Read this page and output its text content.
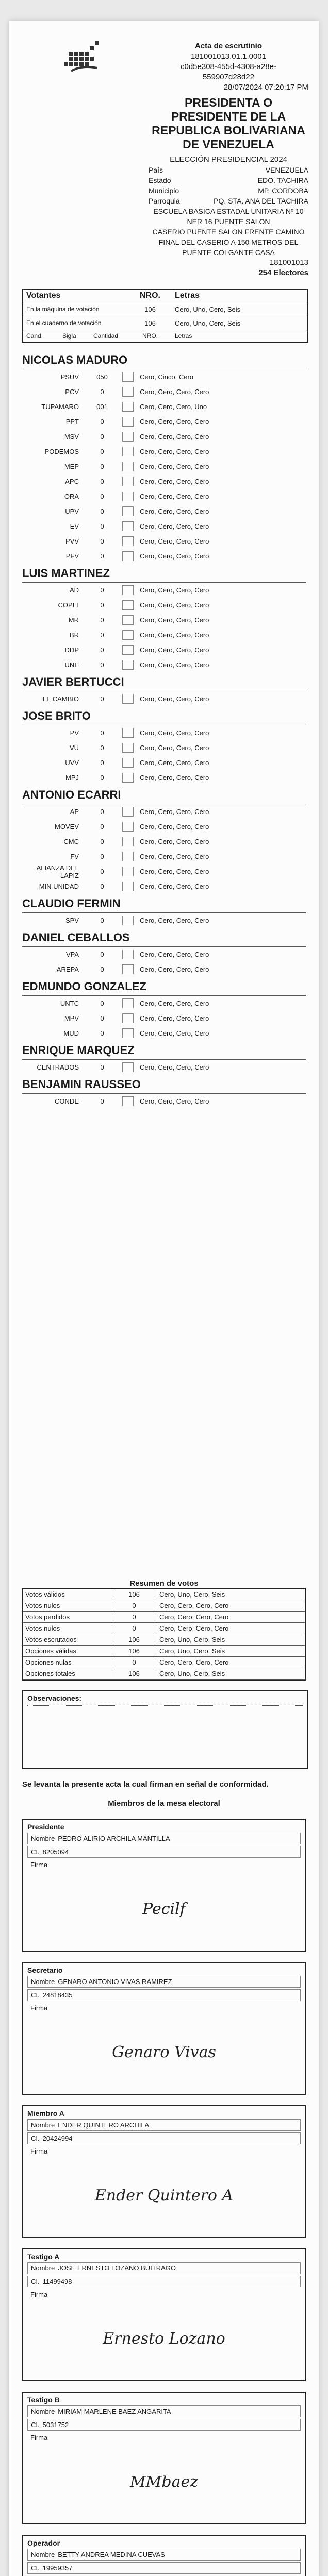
Acta de escrutinio
181001013.01.1.0001
c0d5e308-455d-4308-a28e-
559907d28d22
28/07/2024 07:20:17 PM
PRESIDENTA O PRESIDENTE DE LA REPUBLICA BOLIVARIANA DE VENEZUELA
ELECCIÓN PRESIDENCIAL 2024
País	VENEZUELA
Estado	EDO. TACHIRA
Municipio	MP. CORDOBA
Parroquia	PQ. STA. ANA DEL TACHIRA
ESCUELA BASICA ESTADAL UNITARIA Nº 10 NER 16 PUENTE SALON
CASERIO PUENTE SALON FRENTE CAMINO FINAL DEL CASERIO A 150 METROS DEL PUENTE COLGANTE CASA
181001013
254 Electores
Votantes	NRO.	Letras
En la máquina de votación	106	Cero, Uno, Cero, Seis
En el cuaderno de votación	106	Cero, Uno, Cero, Seis
Cand.	Sigla	Cantidad	NRO.	Letras
NICOLAS MADURO
PSUV	050	Cero, Cinco, Cero
PCV	0	Cero, Cero, Cero, Cero
TUPAMARO	001	Cero, Cero, Cero, Uno
PPT	0	Cero, Cero, Cero, Cero
MSV	0	Cero, Cero, Cero, Cero
PODEMOS	0	Cero, Cero, Cero, Cero
MEP	0	Cero, Cero, Cero, Cero
APC	0	Cero, Cero, Cero, Cero
ORA	0	Cero, Cero, Cero, Cero
UPV	0	Cero, Cero, Cero, Cero
EV	0	Cero, Cero, Cero, Cero
PVV	0	Cero, Cero, Cero, Cero
PFV	0	Cero, Cero, Cero, Cero
LUIS MARTINEZ
AD	0	Cero, Cero, Cero, Cero
COPEI	0	Cero, Cero, Cero, Cero
MR	0	Cero, Cero, Cero, Cero
BR	0	Cero, Cero, Cero, Cero
DDP	0	Cero, Cero, Cero, Cero
UNE	0	Cero, Cero, Cero, Cero
JAVIER BERTUCCI
EL CAMBIO	0	Cero, Cero, Cero, Cero
JOSE BRITO
PV	0	Cero, Cero, Cero, Cero
VU	0	Cero, Cero, Cero, Cero
UVV	0	Cero, Cero, Cero, Cero
MPJ	0	Cero, Cero, Cero, Cero
ANTONIO ECARRI
AP	0	Cero, Cero, Cero, Cero
MOVEV	0	Cero, Cero, Cero, Cero
CMC	0	Cero, Cero, Cero, Cero
FV	0	Cero, Cero, Cero, Cero
ALIANZA DEL LAPIZ	0	Cero, Cero, Cero, Cero
MIN UNIDAD	0	Cero, Cero, Cero, Cero
CLAUDIO FERMIN
SPV	0	Cero, Cero, Cero, Cero
DANIEL CEBALLOS
VPA	0	Cero, Cero, Cero, Cero
AREPA	0	Cero, Cero, Cero, Cero
EDMUNDO GONZALEZ
UNTC	0	Cero, Cero, Cero, Cero
MPV	0	Cero, Cero, Cero, Cero
MUD	0	Cero, Cero, Cero, Cero
ENRIQUE MARQUEZ
CENTRADOS	0	Cero, Cero, Cero, Cero
BENJAMIN RAUSSEO
CONDE	0	Cero, Cero, Cero, Cero
Resumen de votos
Votos válidos	106	Cero, Uno, Cero, Seis
Votos nulos	0	Cero, Cero, Cero, Cero
Votos perdidos	0	Cero, Cero, Cero, Cero
Votos nulos	0	Cero, Cero, Cero, Cero
Votos escrutados	106	Cero, Uno, Cero, Seis
Opciones válidas	106	Cero, Uno, Cero, Seis
Opciones nulas	0	Cero, Cero, Cero, Cero
Opciones totales	106	Cero, Uno, Cero, Seis
Observaciones:
Se levanta la presente acta la cual firman en señal de conformidad.
Miembros de la mesa electoral
Presidente
Nombre PEDRO ALIRIO ARCHILA MANTILLA
CI. 8205094
Firma
Pecilf
Secretario
Nombre GENARO ANTONIO VIVAS RAMIREZ
CI. 24818435
Firma
Genaro Vivas
Miembro A
Nombre ENDER QUINTERO ARCHILA
CI. 20424994
Firma
Ender Quintero A
Testigo A
Nombre JOSE ERNESTO LOZANO BUITRAGO
CI. 11499498
Firma
Ernesto Lozano
Testigo B
Nombre MIRIAM MARLENE BAEZ ANGARITA
CI. 5031752
Firma
MMbaez
Operador
Nombre BETTY ANDREA MEDINA CUEVAS
CI. 19959357
